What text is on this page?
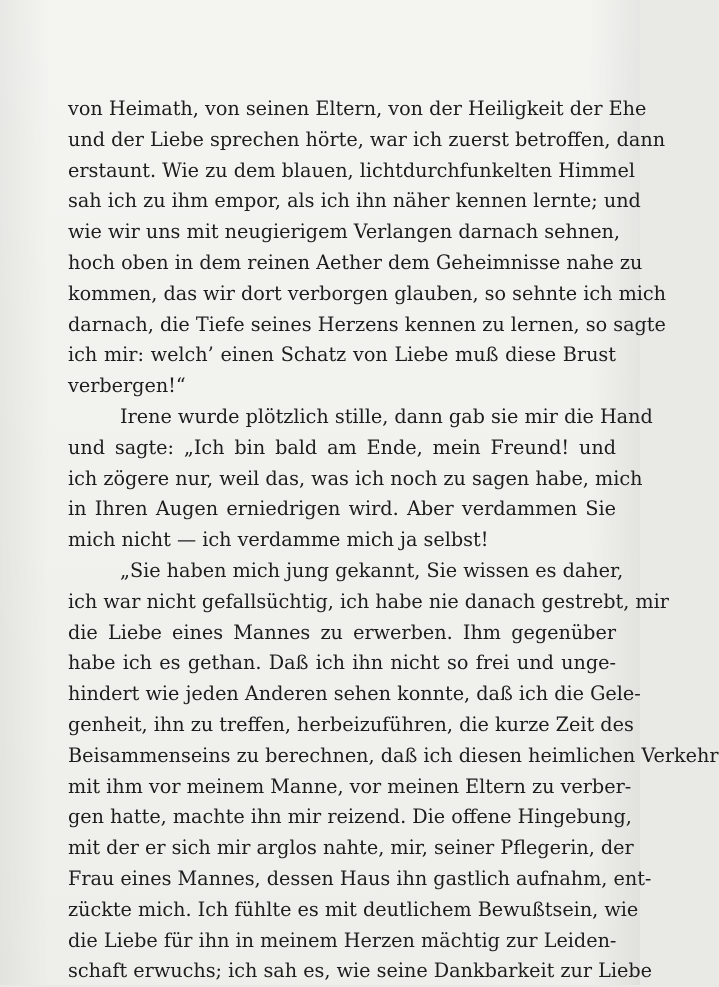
von Heimath, von seinen Eltern, von der Heiligkeit der Ehe
und der Liebe sprechen hörte, war ich zuerst betroffen, dann
erstaunt. Wie zu dem blauen, lichtdurchfunkelten Himmel
sah ich zu ihm empor, als ich ihn näher kennen lernte; und
wie wir uns mit neugierigem Verlangen darnach sehnen,
hoch oben in dem reinen Aether dem Geheimnisse nahe zu
kommen, das wir dort verborgen glauben, so sehnte ich mich
darnach, die Tiefe seines Herzens kennen zu lernen, so sagte
ich mir: welch’ einen Schatz von Liebe muß diese Brust
verbergen!“
Irene wurde plötzlich stille, dann gab sie mir die Hand
und sagte: „Ich bin bald am Ende, mein Freund! und
ich zögere nur, weil das, was ich noch zu sagen habe, mich
in Ihren Augen erniedrigen wird. Aber verdammen Sie
mich nicht — ich verdamme mich ja selbst!
„Sie haben mich jung gekannt, Sie wissen es daher,
ich war nicht gefallsüchtig, ich habe nie danach gestrebt, mir
die Liebe eines Mannes zu erwerben. Ihm gegenüber
habe ich es gethan. Daß ich ihn nicht so frei und unge-
hindert wie jeden Anderen sehen konnte, daß ich die Gele-
genheit, ihn zu treffen, herbeizuführen, die kurze Zeit des
Beisammenseins zu berechnen, daß ich diesen heimlichen Verkehr
mit ihm vor meinem Manne, vor meinen Eltern zu verber-
gen hatte, machte ihn mir reizend. Die offene Hingebung,
mit der er sich mir arglos nahte, mir, seiner Pflegerin, der
Frau eines Mannes, dessen Haus ihn gastlich aufnahm, ent-
zückte mich. Ich fühlte es mit deutlichem Bewußtsein, wie
die Liebe für ihn in meinem Herzen mächtig zur Leiden-
schaft erwuchs; ich sah es, wie seine Dankbarkeit zur Liebe
